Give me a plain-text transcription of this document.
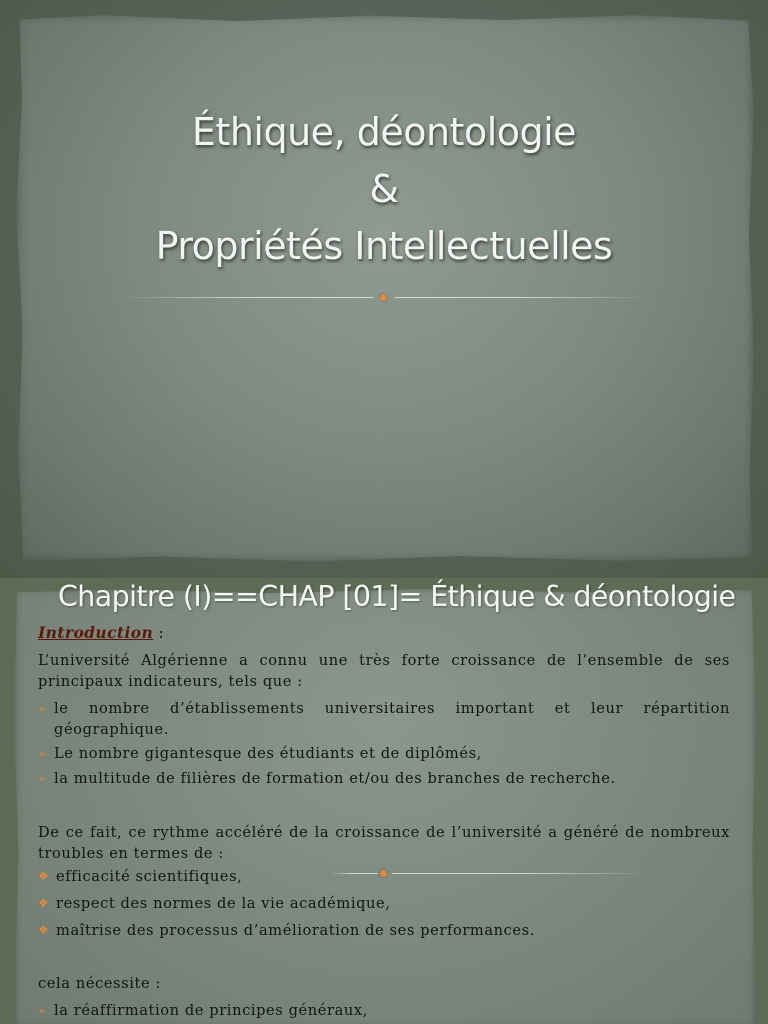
Éthique, déontologie
&
Propriétés Intellectuelles
Chapitre (I)==CHAP [01]= Éthique & déontologie
Introduction :
L’université Algérienne a connu une très forte croissance de l’ensemble de ses principaux indicateurs, tels que :
➢ le nombre d’établissements universitaires important et leur répartition géographique.
➢ Le nombre gigantesque des étudiants et de diplômés,
➢ la multitude de filières de formation et/ou des branches de recherche.
De ce fait, ce rythme accéléré de la croissance de l’université a généré de nombreux troubles en termes de :
❖ efficacité scientifiques,
❖ respect des normes de la vie académique,
❖ maîtrise des processus d’amélioration de ses performances.
cela nécessite :
➢ la réaffirmation de principes généraux,
